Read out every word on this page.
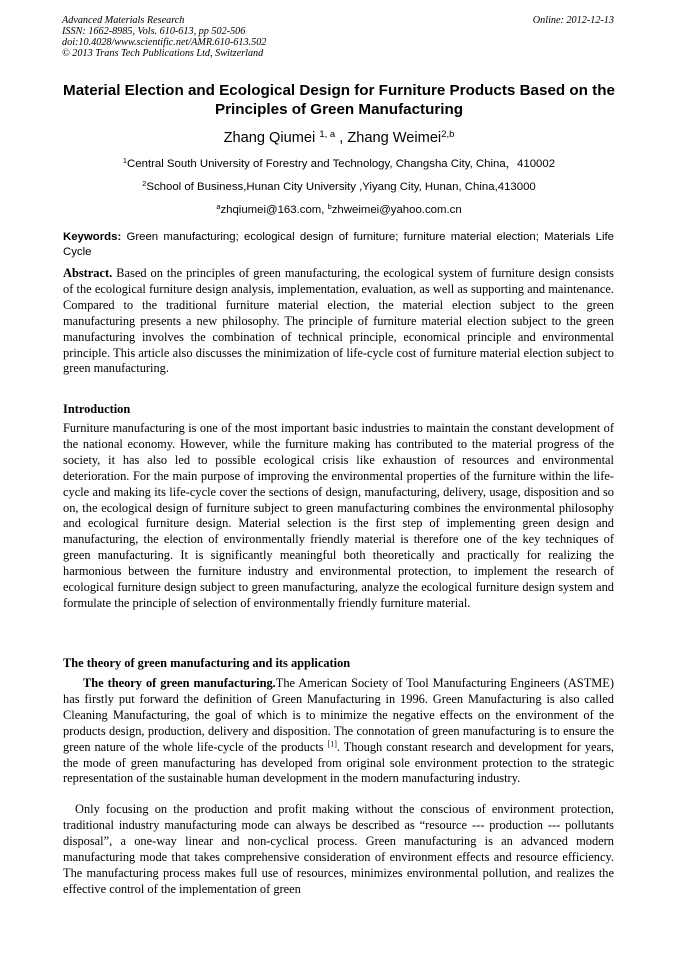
Advanced Materials Research
ISSN: 1662-8985, Vols. 610-613, pp 502-506
doi:10.4028/www.scientific.net/AMR.610-613.502
© 2013 Trans Tech Publications Ltd, Switzerland
Online: 2012-12-13
Material Election and Ecological Design for Furniture Products Based on the Principles of Green Manufacturing
Zhang Qiumei $^{1, a}$ , Zhang Weimei$^{2,b}$
$^1$Central South University of Forestry and Technology, Changsha City, China，410002
$^2$School of Business,Hunan City University ,Yiyang City, Hunan, China,413000
$^a$zhqiumei@163.com, $^b$zhweimei@yahoo.com.cn
Keywords: Green manufacturing; ecological design of furniture; furniture material election; Materials Life Cycle
Abstract. Based on the principles of green manufacturing, the ecological system of furniture design consists of the ecological furniture design analysis, implementation, evaluation, as well as supporting and maintenance. Compared to the traditional furniture material election, the material election subject to the green manufacturing presents a new philosophy. The principle of furniture material election subject to the green manufacturing involves the combination of technical principle, economical principle and environmental principle. This article also discusses the minimization of life-cycle cost of furniture material election subject to green manufacturing.
Introduction
Furniture manufacturing is one of the most important basic industries to maintain the constant development of the national economy. However, while the furniture making has contributed to the material progress of the society, it has also led to possible ecological crisis like exhaustion of resources and environmental deterioration. For the main purpose of improving the environmental properties of the furniture within the life-cycle and making its life-cycle cover the sections of design, manufacturing, delivery, usage, disposition and so on, the ecological design of furniture subject to green manufacturing combines the environmental philosophy and ecological furniture design. Material selection is the first step of implementing green design and manufacturing, the election of environmentally friendly material is therefore one of the key techniques of green manufacturing. It is significantly meaningful both theoretically and practically for realizing the harmonious between the furniture industry and environmental protection, to implement the research of ecological furniture design subject to green manufacturing, analyze the ecological furniture design system and formulate the principle of selection of environmentally friendly furniture material.
The theory of green manufacturing and its application
The theory of green manufacturing.The American Society of Tool Manufacturing Engineers (ASTME) has firstly put forward the definition of Green Manufacturing in 1996. Green Manufacturing is also called Cleaning Manufacturing, the goal of which is to minimize the negative effects on the environment of the products design, production, delivery and disposition. The connotation of green manufacturing is to ensure the green nature of the whole life-cycle of the products [1]. Though constant research and development for years, the mode of green manufacturing has developed from original sole environment protection to the strategic representation of the sustainable human development in the modern manufacturing industry.
Only focusing on the production and profit making without the conscious of environment protection, traditional industry manufacturing mode can always be described as “resource --- production --- pollutants disposal”, a one-way linear and non-cyclical process. Green manufacturing is an advanced modern manufacturing mode that takes comprehensive consideration of environment effects and resource efficiency. The manufacturing process makes full use of resources, minimizes environmental pollution, and realizes the effective control of the implementation of green
